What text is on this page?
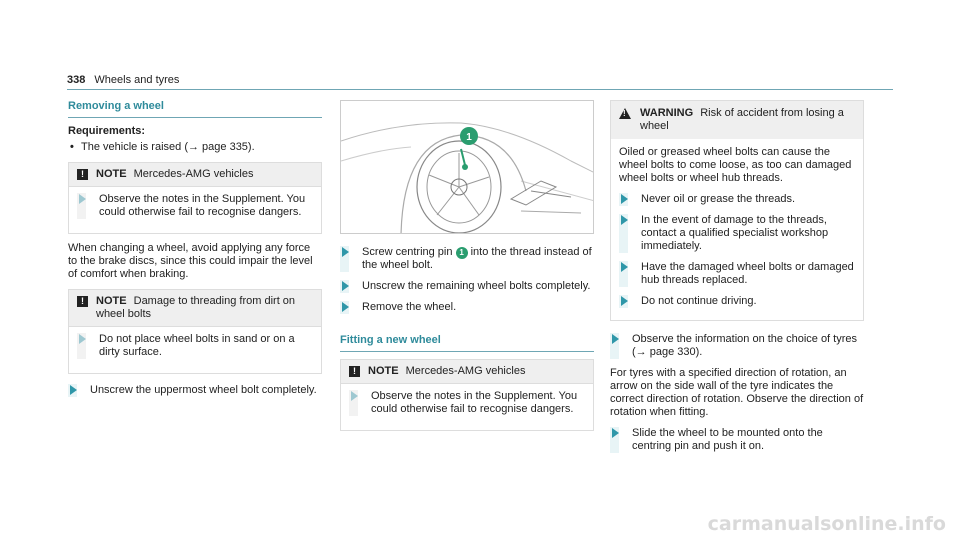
338 Wheels and tyres
Removing a wheel
Requirements:
• The vehicle is raised (→ page 335).
!	NOTE Mercedes-AMG vehicles
Observe the notes in the Supplement. You could otherwise fail to recognise dangers.
When changing a wheel, avoid applying any force to the brake discs, since this could impair the level of comfort when braking.
!	NOTE Damage to threading from dirt on wheel bolts
Do not place wheel bolts in sand or on a dirty surface.
Unscrew the uppermost wheel bolt completely.
1
Screw centring pin 1 into the thread instead of the wheel bolt.
Unscrew the remaining wheel bolts completely.
Remove the wheel.
Fitting a new wheel
!	NOTE Mercedes-AMG vehicles
Observe the notes in the Supplement. You could otherwise fail to recognise dangers.
! WARNING Risk of accident from losing a wheel
Oiled or greased wheel bolts can cause the wheel bolts to come loose, as too can damaged wheel bolts or wheel hub threads.
Never oil or grease the threads.
In the event of damage to the threads, contact a qualified specialist workshop immediately.
Have the damaged wheel bolts or damaged hub threads replaced.
Do not continue driving.
Observe the information on the choice of tyres (→ page 330).
For tyres with a specified direction of rotation, an arrow on the side wall of the tyre indicates the correct direction of rotation. Observe the direction of rotation when fitting.
Slide the wheel to be mounted onto the centring pin and push it on.
carmanualsonline.info
